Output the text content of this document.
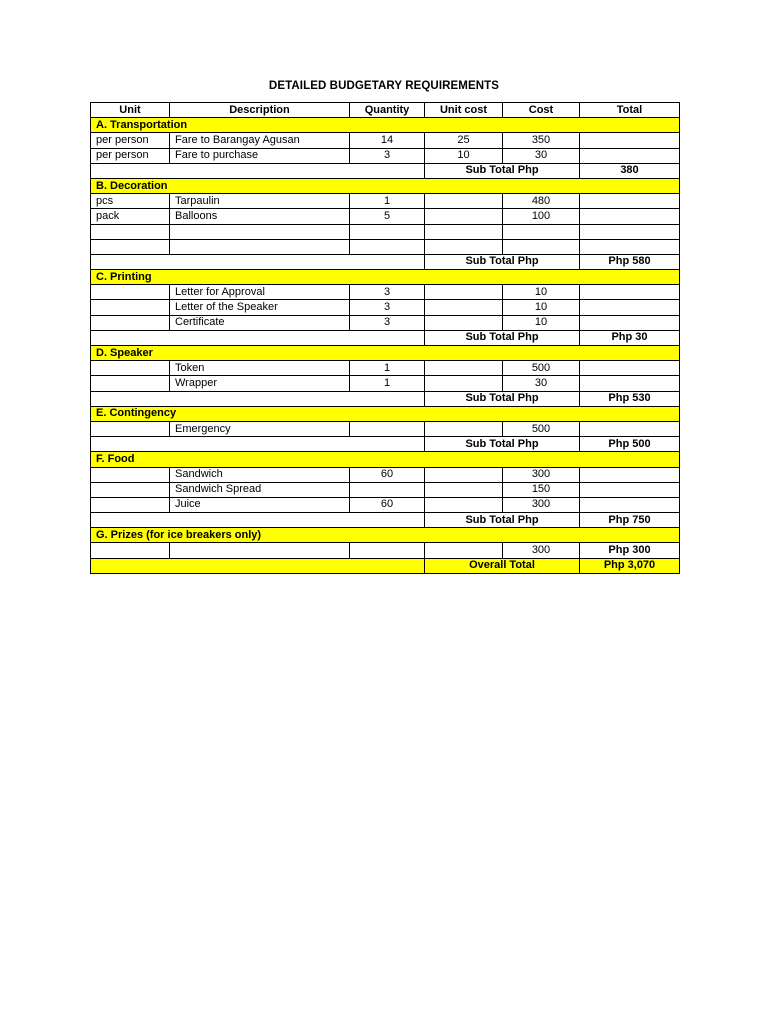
DETAILED BUDGETARY REQUIREMENTS
Unit	Description	Quantity	Unit cost	Cost	Total
A. Transportation					
per person	Fare to Barangay Agusan	14	25	350	
per person	Fare to purchase	3	10	30	
			Sub Total Php		380
B. Decoration					
pcs	Tarpaulin	1		480	
pack	Balloons	5		100	

			Sub Total Php		Php 580
C. Printing					
	Letter for Approval	3		10	
	Letter of the Speaker	3		10	
	Certificate	3		10	
			Sub Total Php		Php 30
D. Speaker					
	Token	1		500	
	Wrapper	1		30	
			Sub Total Php		Php 530
E. Contingency					
	Emergency			500	
			Sub Total Php		Php 500
F. Food					
	Sandwich	60		300	
	Sandwich Spread			150	
	Juice	60		300	
			Sub Total Php		Php 750
G. Prizes (for ice breakers only)					
				300	Php 300
			Overall Total		Php 3,070
